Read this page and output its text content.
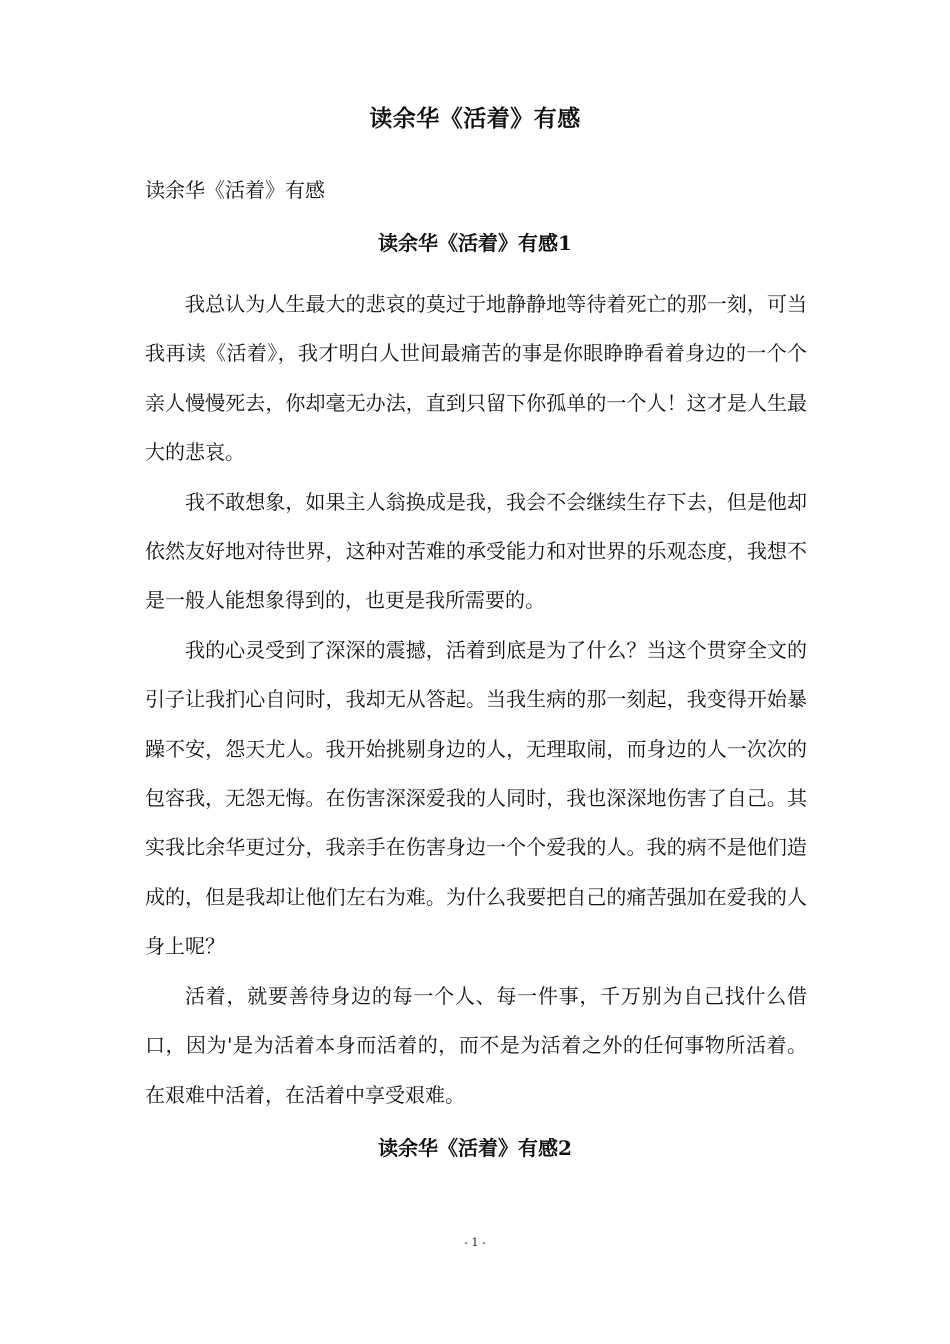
读余华《活着》有感
读余华《活着》有感
读余华《活着》有感1

我总认为人生最大的悲哀的莫过于地静静地等待着死亡的那一刻，可当我再读《活着》，我才明白人世间最痛苦的事是你眼睁睁看着身边的一个个亲人慢慢死去，你却毫无办法，直到只留下你孤单的一个人！这才是人生最大的悲哀。

我不敢想象，如果主人翁换成是我，我会不会继续生存下去，但是他却依然友好地对待世界，这种对苦难的承受能力和对世界的乐观态度，我想不是一般人能想象得到的，也更是我所需要的。

我的心灵受到了深深的震撼，活着到底是为了什么？当这个贯穿全文的引子让我扪心自问时，我却无从答起。当我生病的那一刻起，我变得开始暴躁不安，怨天尤人。我开始挑剔身边的人，无理取闹，而身边的人一次次的包容我，无怨无悔。在伤害深深爱我的人同时，我也深深地伤害了自己。其实我比余华更过分，我亲手在伤害身边一个个爱我的人。我的病不是他们造成的，但是我却让他们左右为难。为什么我要把自己的痛苦强加在爱我的人身上呢？

活着，就要善待身边的每一个人、每一件事，千万别为自己找什么借口，因为'是为活着本身而活着的，而不是为活着之外的任何事物所活着。在艰难中活着，在活着中享受艰难。

读余华《活着》有感2
- 1 -
